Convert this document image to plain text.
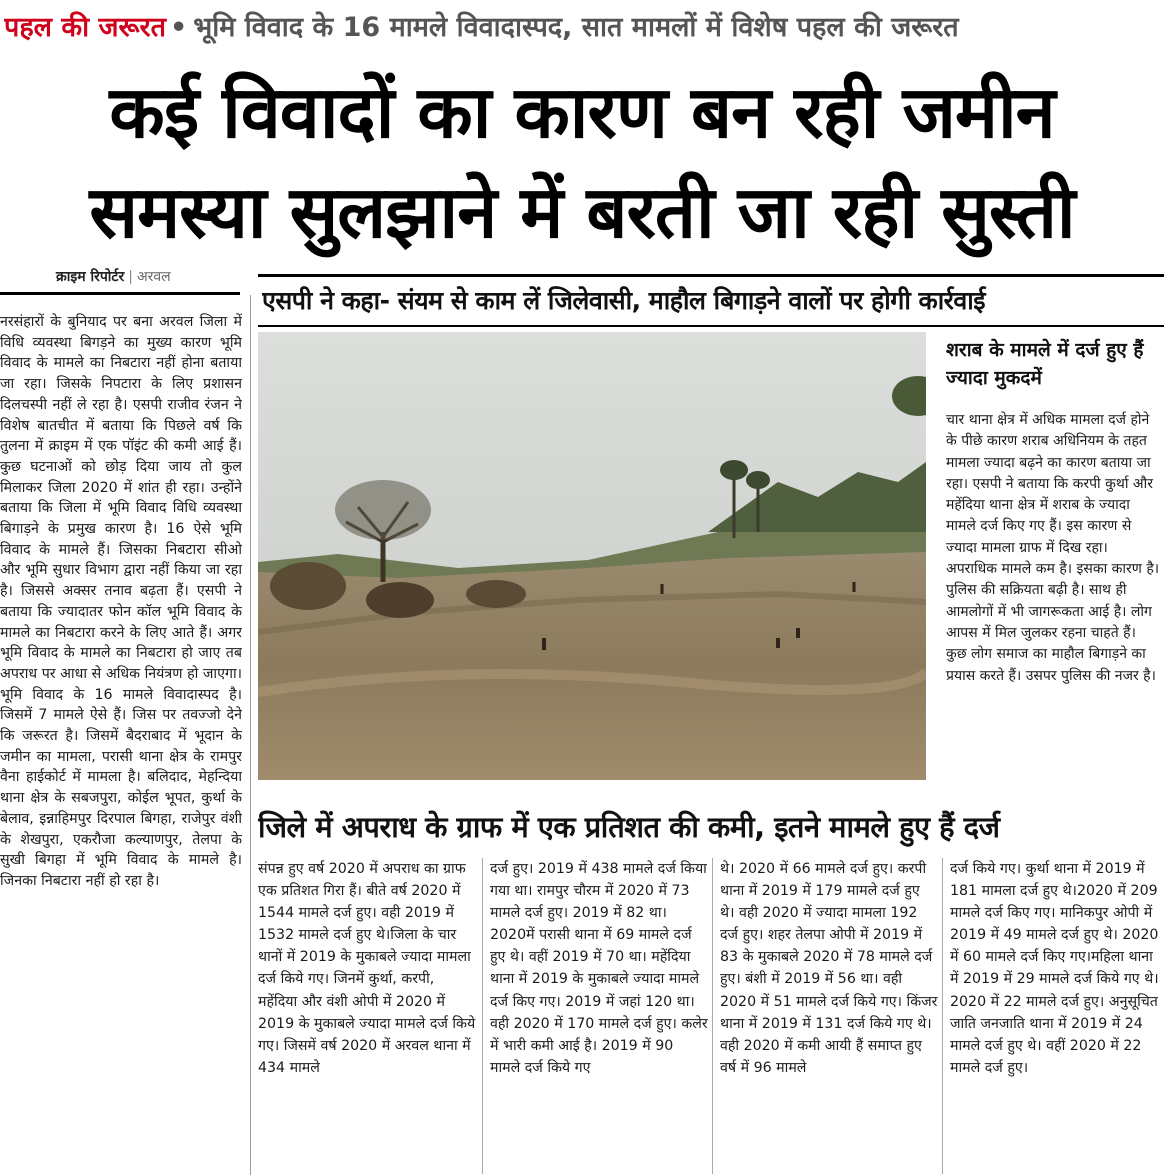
पहल की जरूरत • भूमि विवाद के 16 मामले विवादास्पद, सात मामलों में विशेष पहल की जरूरत
कई विवादों का कारण बन रही जमीन
समस्या सुलझाने में बरती जा रही सुस्ती
क्राइम रिपोर्टर | अरवल
एसपी ने कहा- संयम से काम लें जिलेवासी, माहौल बिगाड़ने वालों पर होगी कार्रवाई
नरसंहारों के बुनियाद पर बना अरवल जिला में विधि व्यवस्था बिगड़ने का मुख्य कारण भूमि विवाद के मामले का निबटारा नहीं होना बताया जा रहा। जिसके निपटारा के लिए प्रशासन दिलचस्पी नहीं ले रहा है। एसपी राजीव रंजन ने विशेष बातचीत में बताया कि पिछले वर्ष कि तुलना में क्राइम में एक पॉइंट की कमी आई हैं। कुछ घटनाओं को छोड़ दिया जाय तो कुल मिलाकर जिला 2020 में शांत ही रहा। उन्होंने बताया कि जिला में भूमि विवाद विधि व्यवस्था बिगाड़ने के प्रमुख कारण है। 16 ऐसे भूमि विवाद के मामले हैं। जिसका निबटारा सीओ और भूमि सुधार विभाग द्वारा नहीं किया जा रहा है। जिससे अक्सर तनाव बढ़ता हैं। एसपी ने बताया कि ज्यादातर फोन कॉल भूमि विवाद के मामले का निबटारा करने के लिए आते हैं। अगर भूमि विवाद के मामले का निबटारा हो जाए तब अपराध पर आधा से अधिक नियंत्रण हो जाएगा। भूमि विवाद के 16 मामले विवादास्पद है। जिसमें 7 मामले ऐसे हैं। जिस पर तवज्जो देने कि जरूरत है। जिसमें बैदराबाद में भूदान के जमीन का मामला, परासी थाना क्षेत्र के रामपुर वैना हाईकोर्ट में मामला है। बलिदाद, मेहन्दिया थाना क्षेत्र के सबजपुरा, कोईल भूपत, कुर्था के बेलाव, इन्नाहिमपुर दिरपाल बिगहा, राजेपुर वंशी के शेखपुरा, एकरौजा कल्याणपुर, तेलपा के सुखी बिगहा में भूमि विवाद के मामले है। जिनका निबटारा नहीं हो रहा है।
शराब के मामले में दर्ज हुए हैं ज्यादा मुकदमें
चार थाना क्षेत्र में अधिक मामला दर्ज होने के पीछे कारण शराब अधिनियम के तहत मामला ज्यादा बढ़ने का कारण बताया जा रहा। एसपी ने बताया कि करपी कुर्था और महेंदिया थाना क्षेत्र में शराब के ज्यादा मामले दर्ज किए गए हैं। इस कारण से ज्यादा मामला ग्राफ में दिख रहा। अपराधिक मामले कम है। इसका कारण है। पुलिस की सक्रियता बढ़ी है। साथ ही आमलोगों में भी जागरूकता आई है। लोग आपस में मिल जुलकर रहना चाहते हैं। कुछ लोग समाज का माहौल बिगाड़ने का प्रयास करते हैं। उसपर पुलिस की नजर है।
जिले में अपराध के ग्राफ में एक प्रतिशत की कमी, इतने मामले हुए हैं दर्ज
संपन्न हुए वर्ष 2020 में अपराध का ग्राफ एक प्रतिशत गिरा हैं। बीते वर्ष 2020 में 1544 मामले दर्ज हुए। वही 2019 में 1532 मामले दर्ज हुए थे।जिला के चार थानों में 2019 के मुकाबले ज्यादा मामला दर्ज किये गए। जिनमें कुर्था, करपी, महेंदिया और वंशी ओपी में 2020 में 2019 के मुकाबले ज्यादा मामले दर्ज किये गए। जिसमें वर्ष 2020 में अरवल थाना में 434 मामले
दर्ज हुए। 2019 में 438 मामले दर्ज किया गया था। रामपुर चौरम में 2020 में 73 मामले दर्ज हुए। 2019 में 82 था। 2020में परासी थाना में 69 मामले दर्ज हुए थे। वहीं 2019 में 70 था। महेंदिया थाना में 2019 के मुकाबले ज्यादा मामले दर्ज किए गए। 2019 में जहां 120 था। वही 2020 में 170 मामले दर्ज हुए। कलेर में भारी कमी आई है। 2019 में 90 मामले दर्ज किये गए
थे। 2020 में 66 मामले दर्ज हुए। करपी थाना में 2019 में 179 मामले दर्ज हुए थे। वही 2020 में ज्यादा मामला 192 दर्ज हुए। शहर तेलपा ओपी में 2019 में 83 के मुकाबले 2020 में 78 मामले दर्ज हुए। बंशी में 2019 में 56 था। वही 2020 में 51 मामले दर्ज किये गए। किंजर थाना में 2019 में 131 दर्ज किये गए थे। वही 2020 में कमी आयी हैं समाप्त हुए वर्ष में 96 मामले
दर्ज किये गए। कुर्था थाना में 2019 में 181 मामला दर्ज हुए थे।2020 में 209 मामले दर्ज किए गए। मानिकपुर ओपी में 2019 में 49 मामले दर्ज हुए थे। 2020 में 60 मामले दर्ज किए गए।महिला थाना में 2019 में 29 मामले दर्ज किये गए थे। 2020 में 22 मामले दर्ज हुए। अनुसूचित जाति जनजाति थाना में 2019 में 24 मामले दर्ज हुए थे। वहीं 2020 में 22 मामले दर्ज हुए।
